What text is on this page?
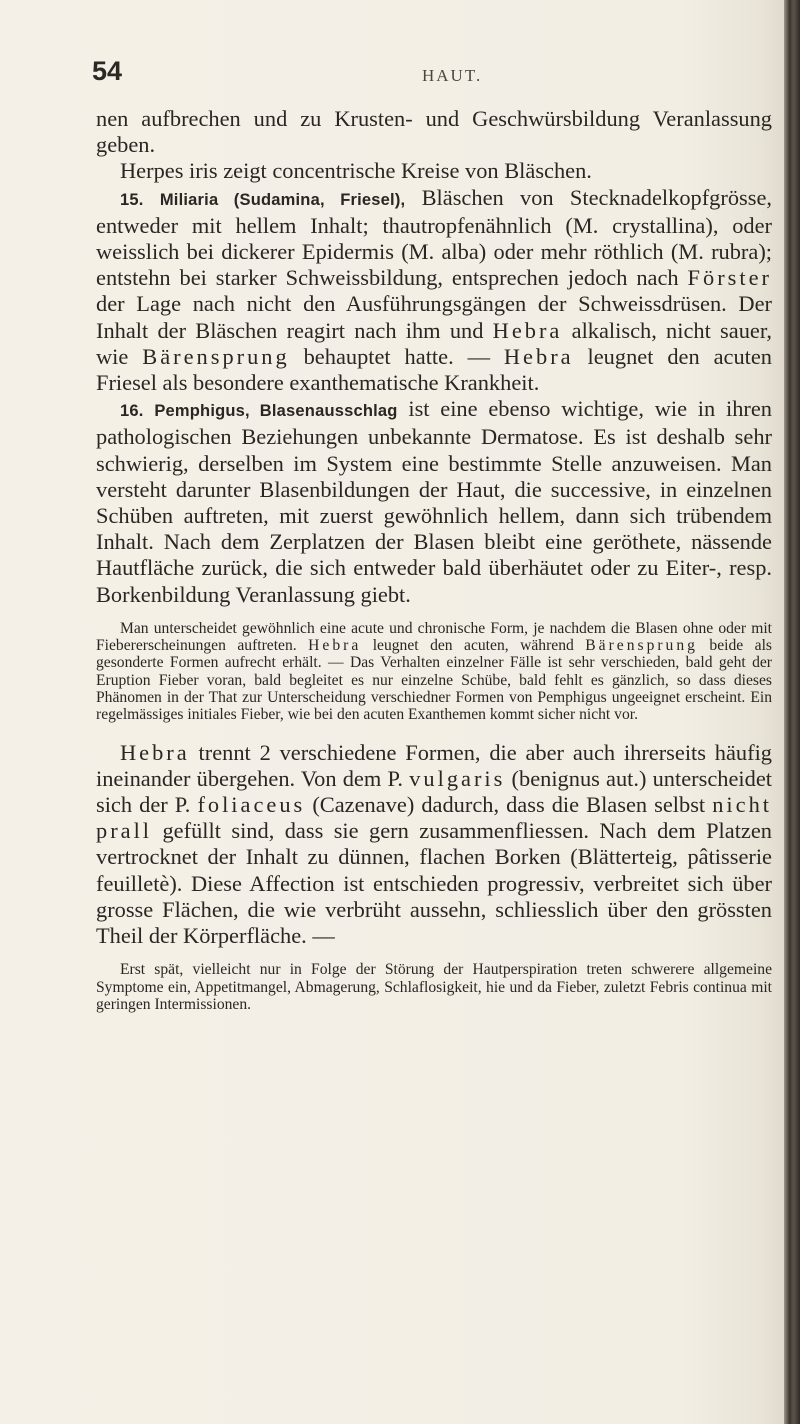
54	HAUT.

nen aufbrechen und zu Krusten- und Geschwürsbildung Veranlassung geben.

Herpes iris zeigt concentrische Kreise von Bläschen.

15. Miliaria (Sudamina, Friesel), Bläschen von Stecknadelkopfgrösse, entweder mit hellem Inhalt; thautropfenähnlich (M. crystallina), oder weisslich bei dickerer Epidermis (M. alba) oder mehr röthlich (M. rubra); entstehn bei starker Schweissbildung, entsprechen jedoch nach Förster der Lage nach nicht den Ausführungsgängen der Schweissdrüsen. Der Inhalt der Bläschen reagirt nach ihm und Hebra alkalisch, nicht sauer, wie Bärensprung behauptet hatte. — Hebra leugnet den acuten Friesel als besondere exanthematische Krankheit.

16. Pemphigus, Blasenausschlag ist eine ebenso wichtige, wie in ihren pathologischen Beziehungen unbekannte Dermatose. Es ist deshalb sehr schwierig, derselben im System eine bestimmte Stelle anzuweisen. Man versteht darunter Blasenbildungen der Haut, die successive, in einzelnen Schüben auftreten, mit zuerst gewöhnlich hellem, dann sich trübendem Inhalt. Nach dem Zerplatzen der Blasen bleibt eine geröthete, nässende Hautfläche zurück, die sich entweder bald überhäutet oder zu Eiter-, resp. Borkenbildung Veranlassung giebt.

Man unterscheidet gewöhnlich eine acute und chronische Form, je nachdem die Blasen ohne oder mit Fiebererscheinungen auftreten. Hebra leugnet den acuten, während Bärensprung beide als gesonderte Formen aufrecht erhält. — Das Verhalten einzelner Fälle ist sehr verschieden, bald geht der Eruption Fieber voran, bald begleitet es nur einzelne Schübe, bald fehlt es gänzlich, so dass dieses Phänomen in der That zur Unterscheidung verschiedner Formen von Pemphigus ungeeignet erscheint. Ein regelmässiges initiales Fieber, wie bei den acuten Exanthemen kommt sicher nicht vor.

Hebra trennt 2 verschiedene Formen, die aber auch ihrerseits häufig ineinander übergehen. Von dem P. vulgaris (benignus aut.) unterscheidet sich der P. foliaceus (Cazenave) dadurch, dass die Blasen selbst nicht prall gefüllt sind, dass sie gern zusammenfliessen. Nach dem Platzen vertrocknet der Inhalt zu dünnen, flachen Borken (Blätterteig, pâtisserie feuilletè). Diese Affection ist entschieden progressiv, verbreitet sich über grosse Flächen, die wie verbrüht aussehn, schliesslich über den grössten Theil der Körperfläche. —

Erst spät, vielleicht nur in Folge der Störung der Hautperspiration treten schwerere allgemeine Symptome ein, Appetitmangel, Abmagerung, Schlaflosigkeit, hie und da Fieber, zuletzt Febris continua mit geringen Intermissionen.
